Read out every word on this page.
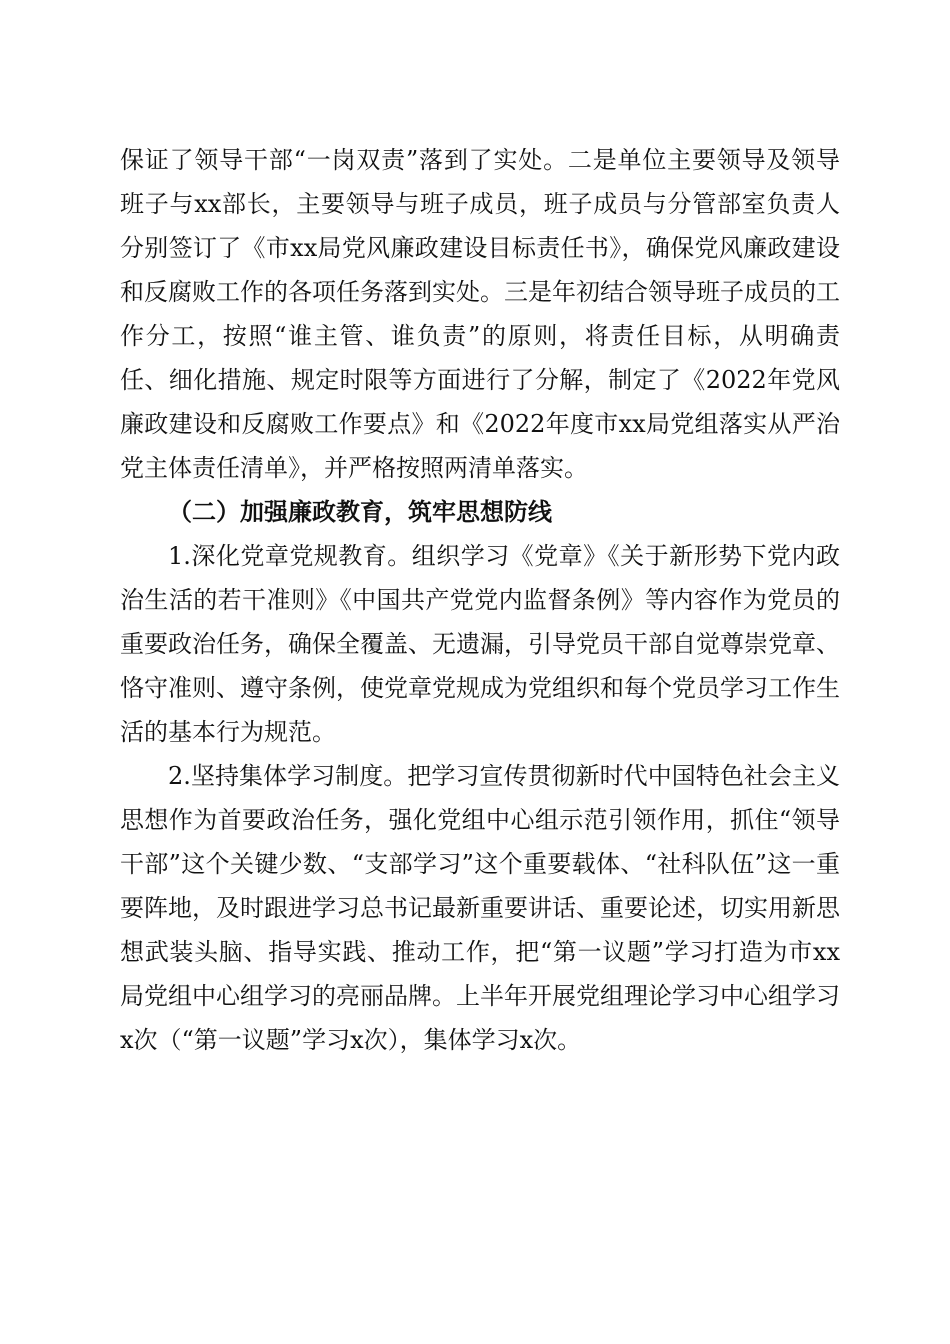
保证了领导干部“一岗双责”落到了实处。二是单位主要领导及领导班子与xx部长，主要领导与班子成员，班子成员与分管部室负责人分别签订了《市xx局党风廉政建设目标责任书》，确保党风廉政建设和反腐败工作的各项任务落到实处。三是年初结合领导班子成员的工作分工，按照“谁主管、谁负责”的原则，将责任目标，从明确责任、细化措施、规定时限等方面进行了分解，制定了《2022年党风廉政建设和反腐败工作要点》和《2022年度市xx局党组落实从严治党主体责任清单》，并严格按照两清单落实。

（二）加强廉政教育，筑牢思想防线

1.深化党章党规教育。组织学习《党章》《关于新形势下党内政治生活的若干准则》《中国共产党党内监督条例》等内容作为党员的重要政治任务，确保全覆盖、无遗漏，引导党员干部自觉尊崇党章、恪守准则、遵守条例，使党章党规成为党组织和每个党员学习工作生活的基本行为规范。

2.坚持集体学习制度。把学习宣传贯彻新时代中国特色社会主义思想作为首要政治任务，强化党组中心组示范引领作用，抓住“领导干部”这个关键少数、“支部学习”这个重要载体、“社科队伍”这一重要阵地，及时跟进学习总书记最新重要讲话、重要论述，切实用新思想武装头脑、指导实践、推动工作，把“第一议题”学习打造为市xx局党组中心组学习的亮丽品牌。上半年开展党组理论学习中心组学习x次（“第一议题”学习x次），集体学习x次。
